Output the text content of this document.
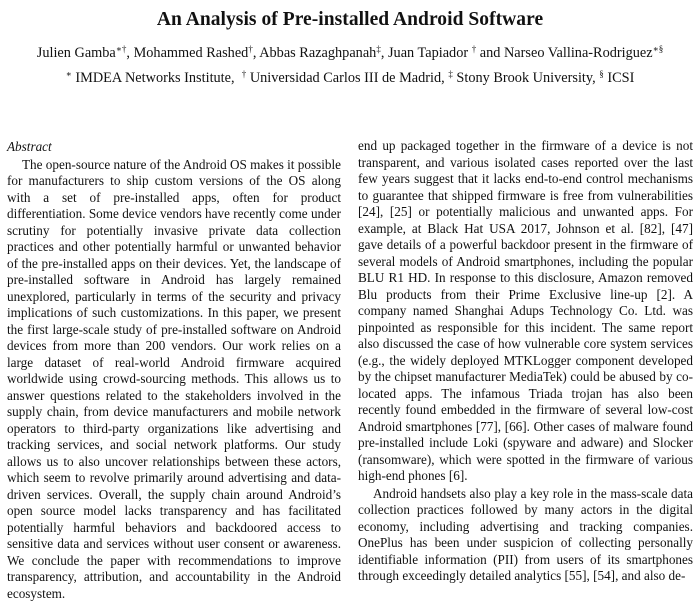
An Analysis of Pre-installed Android Software
Julien Gamba∗†, Mohammed Rashed†, Abbas Razaghpanah‡, Juan Tapiador † and Narseo Vallina-Rodriguez∗§
∗ IMDEA Networks Institute, † Universidad Carlos III de Madrid, ‡ Stony Brook University, § ICSI
Abstract

The open-source nature of the Android OS makes it possible for manufacturers to ship custom versions of the OS along with a set of pre-installed apps, often for product differentiation. Some device vendors have recently come under scrutiny for potentially invasive private data collection practices and other potentially harmful or unwanted behavior of the pre-installed apps on their devices. Yet, the landscape of pre-installed software in Android has largely remained unexplored, particularly in terms of the security and privacy implications of such customizations. In this paper, we present the first large-scale study of pre-installed software on Android devices from more than 200 vendors. Our work relies on a large dataset of real-world Android firmware acquired worldwide using crowd-sourcing methods. This allows us to answer questions related to the stakeholders involved in the supply chain, from device manufacturers and mobile network operators to third-party organizations like advertising and tracking services, and social network platforms. Our study allows us to also uncover relationships between these actors, which seem to revolve primarily around advertising and data-driven services. Overall, the supply chain around Android’s open source model lacks transparency and has facilitated potentially harmful behaviors and backdoored access to sensitive data and services without user consent or awareness. We conclude the paper with recommendations to improve transparency, attribution, and accountability in the Android ecosystem.

end up packaged together in the firmware of a device is not transparent, and various isolated cases reported over the last few years suggest that it lacks end-to-end control mechanisms to guarantee that shipped firmware is free from vulnerabilities [24], [25] or potentially malicious and unwanted apps. For example, at Black Hat USA 2017, Johnson et al. [82], [47] gave details of a powerful backdoor present in the firmware of several models of Android smartphones, including the popular BLU R1 HD. In response to this disclosure, Amazon removed Blu products from their Prime Exclusive line-up [2]. A company named Shanghai Adups Technology Co. Ltd. was pinpointed as responsible for this incident. The same report also discussed the case of how vulnerable core system services (e.g., the widely deployed MTKLogger component developed by the chipset manufacturer MediaTek) could be abused by co-located apps. The infamous Triada trojan has also been recently found embedded in the firmware of several low-cost Android smartphones [77], [66]. Other cases of malware found pre-installed include Loki (spyware and adware) and Slocker (ransomware), which were spotted in the firmware of various high-end phones [6].

Android handsets also play a key role in the mass-scale data collection practices followed by many actors in the digital economy, including advertising and tracking companies. OnePlus has been under suspicion of collecting personally identifiable information (PII) from users of its smartphones through exceedingly detailed analytics [55], [54], and also de-
